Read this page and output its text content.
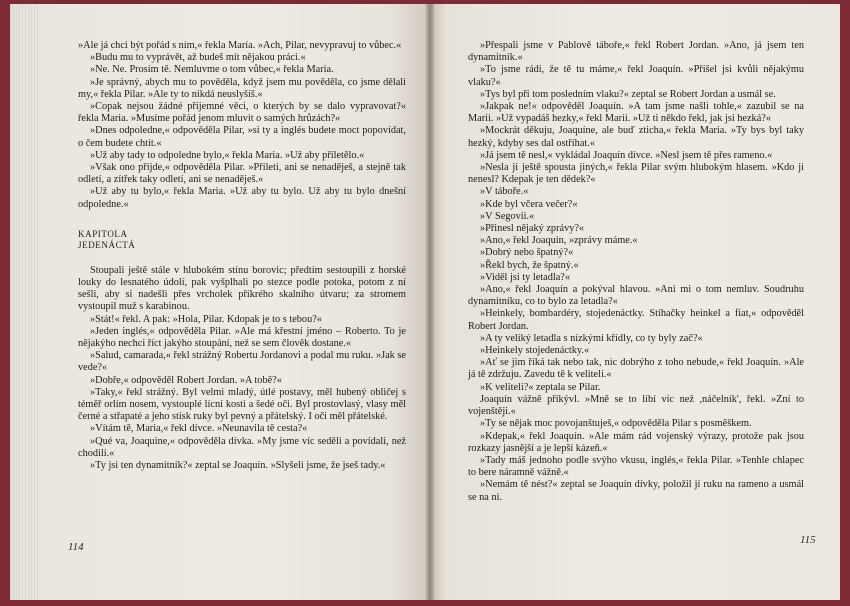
»Ale já chci být pořád s ním,« řekla María. »Ach, Pilar, nevypravuj to vůbec.«

»Budu mu to vyprávět, až budeš mít nějakou práci.«

»Ne. Ne. Prosím tě. Nemluvme o tom vůbec,« řekla Maria.

»Je správný, abych mu to pověděla, když jsem mu pověděla, co jsme dělali my,« řekla Pilar. »Ale ty to nikdá neuslyšíš.«

»Copak nejsou žádné příjemné věci, o kterých by se dalo vypravovat?« řekla Maria. »Musíme pořád jenom mluvit o samých hrůzách?«

»Dnes odpoledne,« odpověděla Pilar, »si ty a inglés budete moct popovídat, o čem budete chtít.«

»Už aby tady to odpoledne bylo,« řekla Maria. »Už aby přiletělo.«

»Však ono přijde,« odpověděla Pilar. »Přiletí, ani se nenaděješ, a stejně tak odletí, a zítřek taky odletí, ani se nenaděješ.«

»Už aby tu bylo,« řekla Maria. »Už aby tu bylo. Už aby tu bylo dnešní odpoledne.«

KAPITOLA
JEDENÁCTÁ

Stoupali ještě stále v hlubokém stínu borovic; předtím sestoupili z horské louky do lesnatého údolí, pak vyšplhali po stezce podle potoka, potom z ní sešli, aby si nadešli přes vrcholek příkrého skalního útvaru; za stromem vystoupil muž s karabinou.

»Stát!« řekl. A pak: »Hola, Pilar. Kdopak je to s tebou?«

»Jeden inglés,« odpověděla Pilar. »Ale má křestní jméno – Roberto. To je nějakýho nechci říct jakýho stoupání, než se sem člověk dostane.«

»Salud, camarada,« řekl strážný Robertu Jordanovi a podal mu ruku. »Jak se vede?«

»Dobře,« odpověděl Robert Jordan. »A tobě?«

»Taky,« řekl strážný. Byl velmi mladý, útlé postavy, měl hubený obličej s téměř orlím nosem, vystouplé lícní kosti a šedé oči. Byl prostovlasý, vlasy měl černé a střapaté a jeho stisk ruky byl pevný a přátelský. I oči měl přátelské.

»Vítám tě, Maria,« řekl dívce. »Neunavila tě cesta?«

»Qué va, Joaquine,« odpověděla dívka. »My jsme víc seděli a povídali, než chodili.«

»Ty jsi ten dynamitník?« zeptal se Joaquín. »Slyšeli jsme, že jseš tady.«

114

»Přespali jsme v Pablově táboře,« řekl Robert Jordan. »Ano, já jsem ten dynamitník.«

»To jsme rádi, že tě tu máme,« řekl Joaquín. »Přišel jsi kvůli nějakýmu vlaku?«

»Tys byl při tom posledním vlaku?« zeptal se Robert Jordan a usmál se.

»Jakpak ne!« odpověděl Joaquín. »A tam jsme našli tohle,« zazubil se na Marii. »Už vypadáš hezky,« řekl Marii. »Už ti někdo řekl, jak jsi hezká?«

»Mockrát děkuju, Joaquíne, ale buď zticha,« řekla Maria. »Ty bys byl taky hezký, kdyby ses dal ostříhat.«

»Já jsem tě nesl,« vykládal Joaquín dívce. »Nesl jsem tě přes rameno.«

»Nesla ji ještě spousta jiných,« řekla Pilar svým hlubokým hlasem. »Kdo ji nenesl? Kdepak je ten dědek?«

»V táboře.«

»Kde byl včera večer?«

»V Segovii.«

»Přinesl nějaký zprávy?«

»Ano,« řekl Joaquín, »zprávy máme.«

»Dobrý nebo špatný?«

»Řekl bych, že špatný.«

»Viděl jsi ty letadla?«

»Ano,« řekl Joaquín a pokýval hlavou. »Ani mi o tom nemluv. Soudruhu dynamitníku, co to bylo za letadla?«

»Heinkely, bombardéry, stojedenáctky. Stíhačky heinkel a fiat,« odpověděl Robert Jordan.

»A ty veliký letadla s nízkými křídly, co ty byly zač?«

»Heinkely stojedenáctky.«

»Ať se jim říká tak nebo tak, nic dobrýho z toho nebude,« řekl Joaquín. »Ale já tě zdržuju. Zavedu tě k veliteli.«

»K veliteli?« zeptala se Pilar.

Joaquín vážně přikývl. »Mně se to líbí víc než ,náčelník', řekl. »Zní to vojenštěji.«

»Ty se nějak moc povojanštuješ,« odpověděla Pilar s posměškem.

»Kdepak,« řekl Joaquín. »Ale mám rád vojenský výrazy, protože pak jsou rozkazy jasnější a je lepší kázeň.«

»Tady máš jednoho podle svýho vkusu, inglés,« řekla Pilar. »Tenhle chlapec to bere náramně vážně.«

»Nemám tě nést?« zeptal se Joaquín dívky, položil jí ruku na rameno a usmál se na ni.

115
